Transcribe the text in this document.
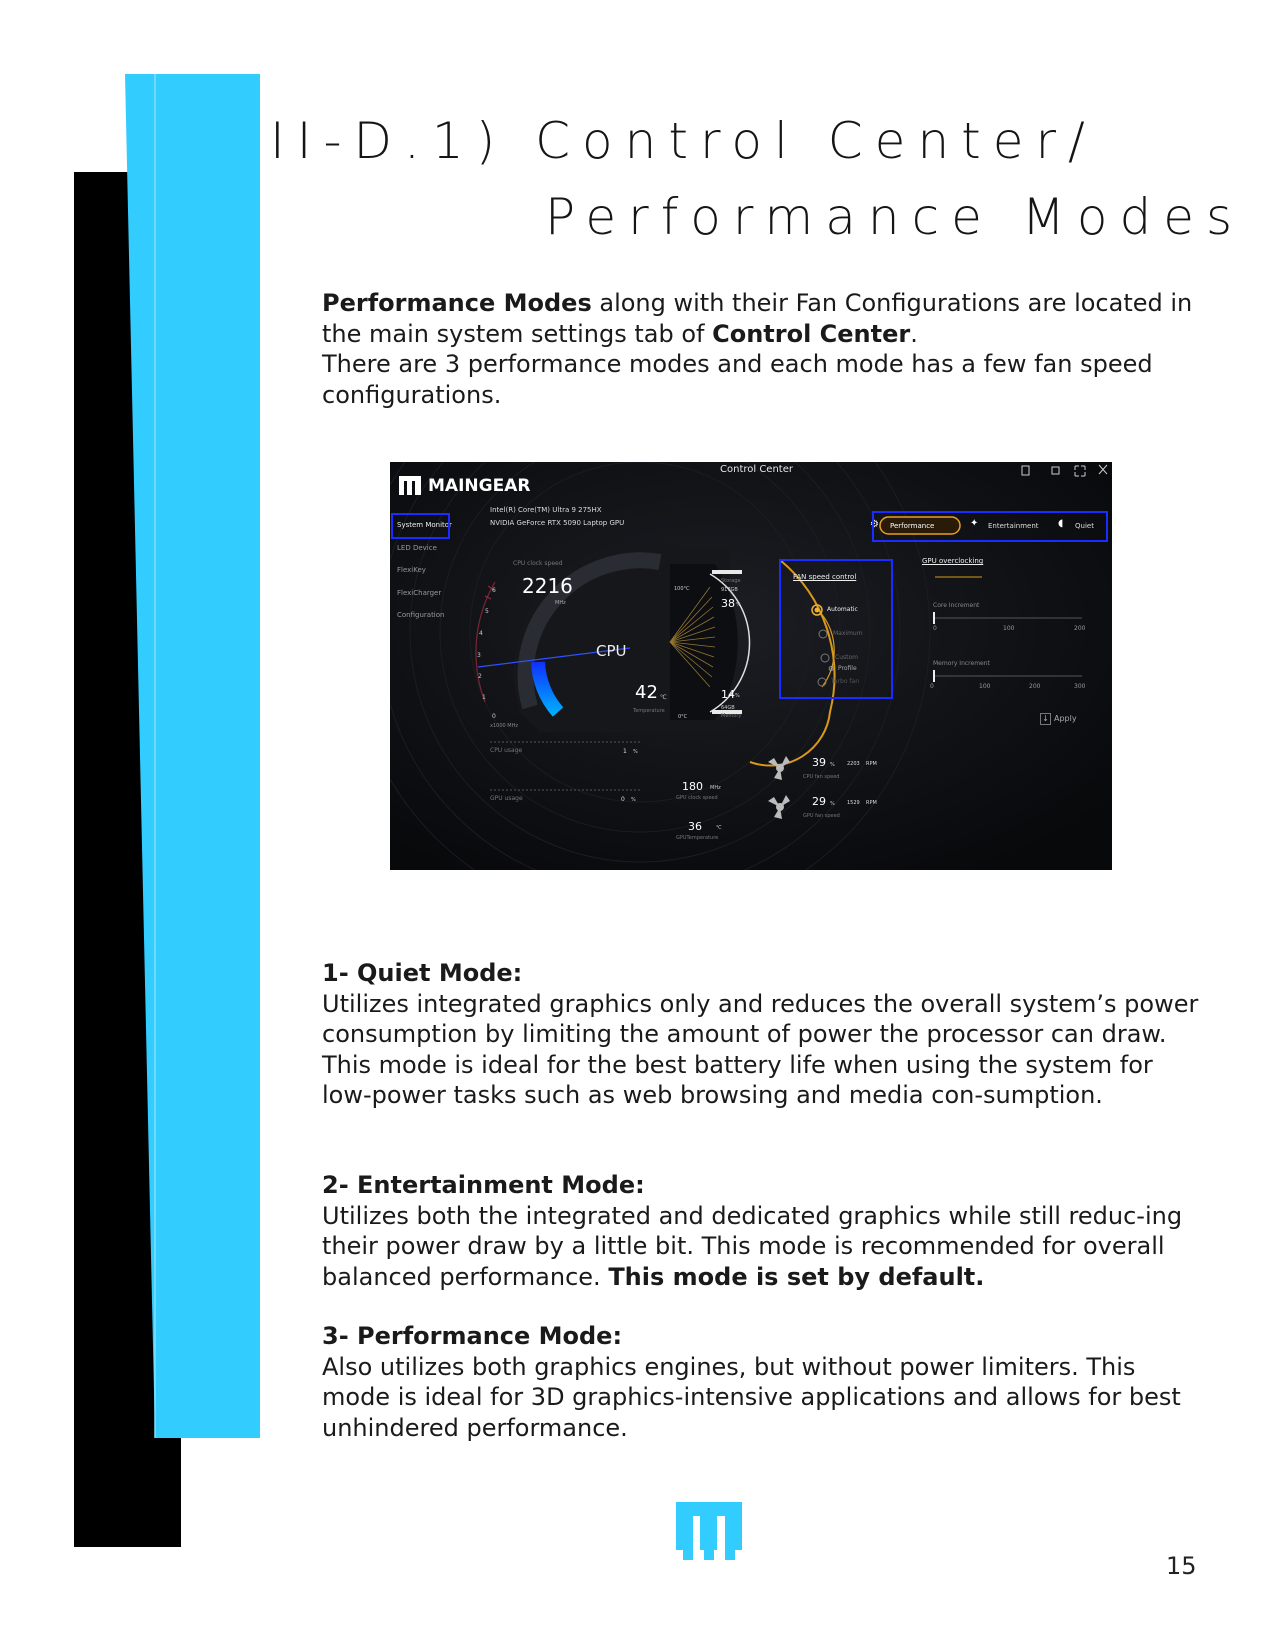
II-D.1) Control Center/
Performance Modes

Performance Modes along with their Fan Configurations are located in the main system settings tab of Control Center.

There are 3 performance modes and each mode has a few fan speed configurations.

Control Center
MAINGEAR
Intel(R) Core(TM) Ultra 9 275HX
NVIDIA GeForce RTX 5090 Laptop GPU
System Monitor
LED Device
FlexiKey
FlexiCharger
Configuration
Performance	Entertainment	Quiet
⚙	✦	◖
CPU clock speed
2216
MHz
6
5
4
3
2
1
0
x1000 MHz
CPU
42 ℃
Temperature
100°C
0°C
Storage
917GB
38 %
14 %
64GB
Memory
CPU usage	1 %
GPU usage	0 %
180 MHz
GPU clock speed
36	℃
GPUTemperature
FAN speed control
Automatic
Maximum
Custom
Profile
⚙
Turbo fan
39 % 2203 RPM
CPU fan speed
29 % 1529 RPM
GPU fan speed
GPU overclocking
Core Increment
0	100	200
Memory Increment
0	100	200	300
↓ Apply
1- Quiet Mode:

Utilizes integrated graphics only and reduces the overall system’s power consumption by limiting the amount of power the processor can draw. This mode is ideal for the best battery life when using the system for low-power tasks such as web browsing and media con-sumption.

2- Entertainment Mode:

Utilizes both the integrated and dedicated graphics while still reduc-ing their power draw by a little bit. This mode is recommended for overall balanced performance. This mode is set by default.

3- Performance Mode:

Also utilizes both graphics engines, but without power limiters. This mode is ideal for 3D graphics-intensive applications and allows for best unhindered performance.

15
